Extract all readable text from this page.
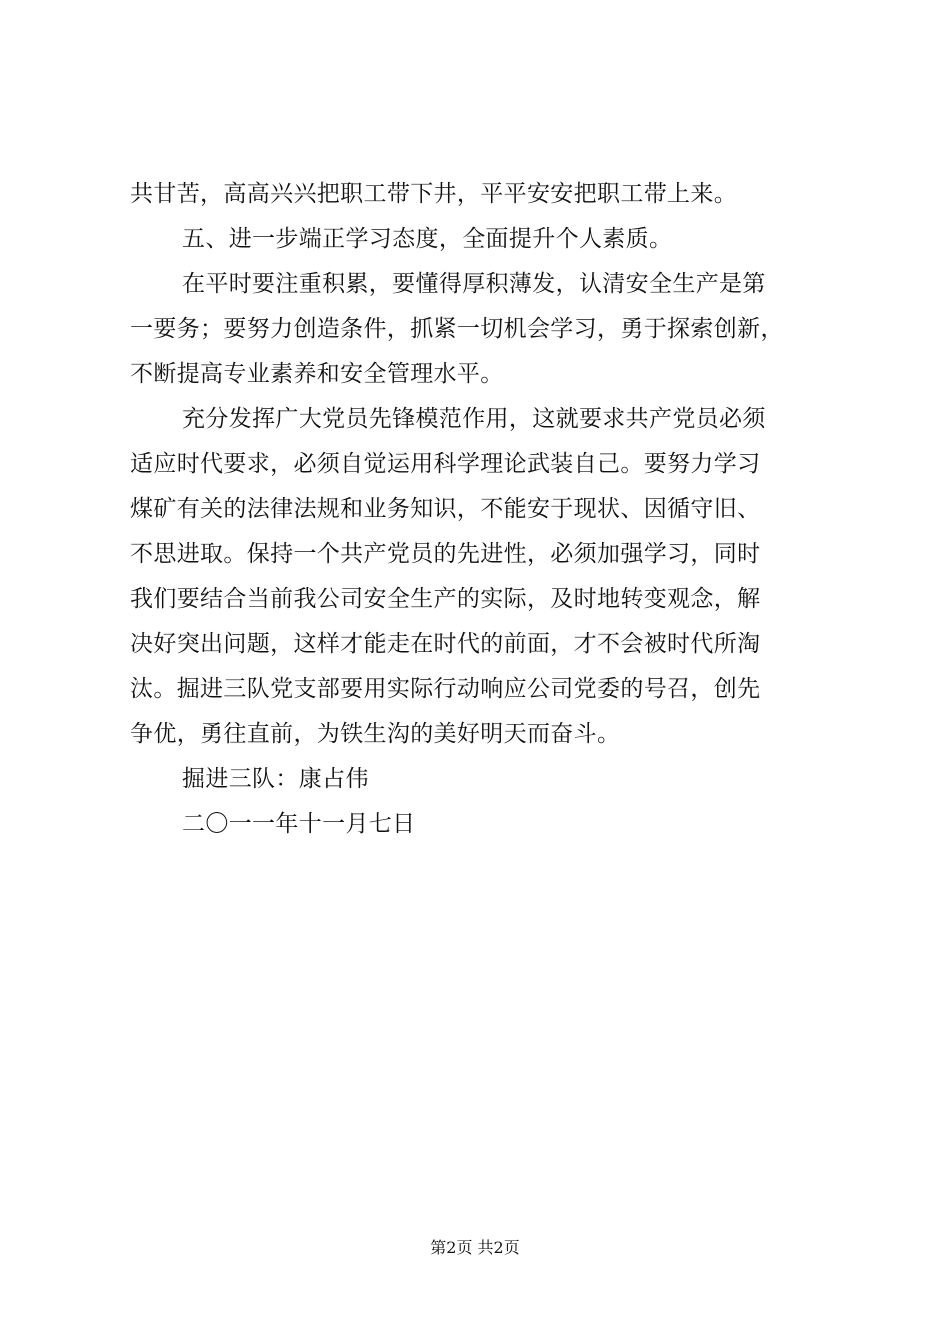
共甘苦，高高兴兴把职工带下井，平平安安把职工带上来。
五、进一步端正学习态度，全面提升个人素质。
在平时要注重积累，要懂得厚积薄发，认清安全生产是第
一要务；要努力创造条件，抓紧一切机会学习，勇于探索创新，
不断提高专业素养和安全管理水平。
充分发挥广大党员先锋模范作用，这就要求共产党员必须
适应时代要求，必须自觉运用科学理论武装自己。要努力学习
煤矿有关的法律法规和业务知识，不能安于现状、因循守旧、
不思进取。保持一个共产党员的先进性，必须加强学习，同时
我们要结合当前我公司安全生产的实际，及时地转变观念，解
决好突出问题，这样才能走在时代的前面，才不会被时代所淘
汰。掘进三队党支部要用实际行动响应公司党委的号召，创先
争优，勇往直前，为铁生沟的美好明天而奋斗。
掘进三队：康占伟
二〇一一年十一月七日
第2页 共2页
